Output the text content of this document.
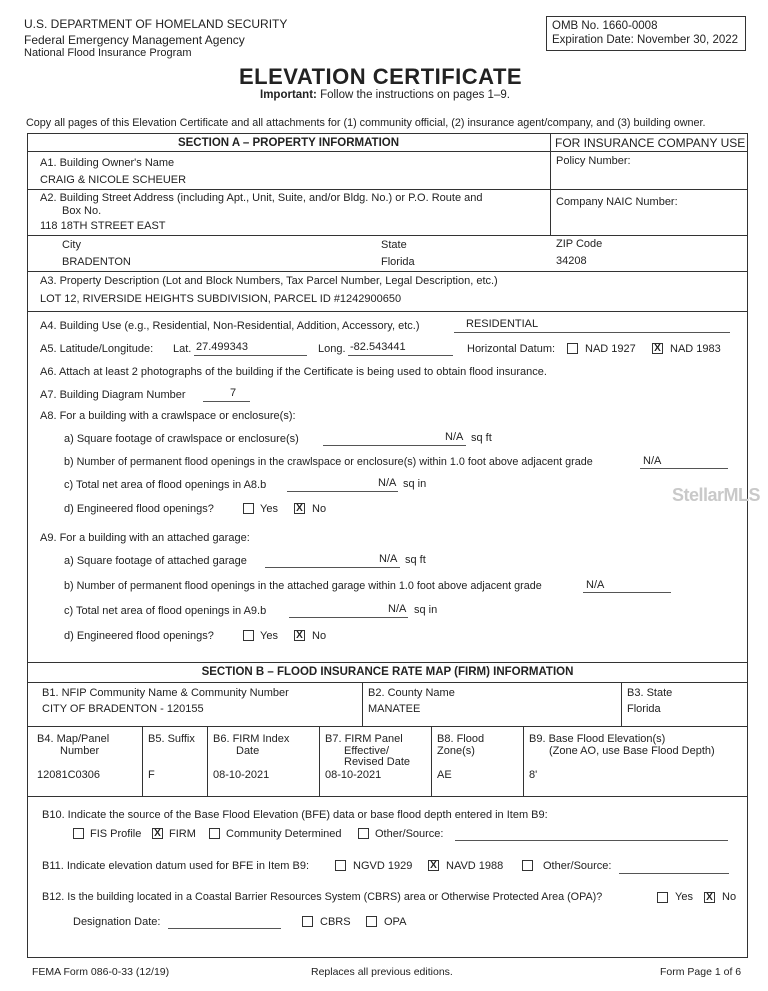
U.S. DEPARTMENT OF HOMELAND SECURITY
Federal Emergency Management Agency
National Flood Insurance Program
OMB No. 1660-0008
Expiration Date: November 30, 2022
ELEVATION CERTIFICATE
Important: Follow the instructions on pages 1–9.
Copy all pages of this Elevation Certificate and all attachments for (1) community official, (2) insurance agent/company, and (3) building owner.
SECTION A – PROPERTY INFORMATION	FOR INSURANCE COMPANY USE
A1. Building Owner's Name
CRAIG & NICOLE SCHEUER
Policy Number:
A2. Building Street Address (including Apt., Unit, Suite, and/or Bldg. No.) or P.O. Route and
Box No.
118 18TH STREET EAST
Company NAIC Number:
City
BRADENTON
State
Florida
ZIP Code
34208
A3. Property Description (Lot and Block Numbers, Tax Parcel Number, Legal Description, etc.)
LOT 12, RIVERSIDE HEIGHTS SUBDIVISION, PARCEL ID #1242900650
A4. Building Use (e.g., Residential, Non-Residential, Addition, Accessory, etc.)	RESIDENTIAL
A5. Latitude/Longitude: Lat. 27.499343	Long. -82.543441	Horizontal Datum:	NAD 1927 X NAD 1983
A6. Attach at least 2 photographs of the building if the Certificate is being used to obtain flood insurance.
A7. Building Diagram Number	7
A8. For a building with a crawlspace or enclosure(s):
a) Square footage of crawlspace or enclosure(s)	N/A sq ft
b) Number of permanent flood openings in the crawlspace or enclosure(s) within 1.0 foot above adjacent grade	N/A
c) Total net area of flood openings in A8.b	N/A sq in
d) Engineered flood openings?	Yes X No
A9. For a building with an attached garage:
a) Square footage of attached garage	N/A sq ft
b) Number of permanent flood openings in the attached garage within 1.0 foot above adjacent grade	N/A
c) Total net area of flood openings in A9.b	N/A sq in
d) Engineered flood openings?	Yes X No
StellarMLS
SECTION B – FLOOD INSURANCE RATE MAP (FIRM) INFORMATION
B1. NFIP Community Name & Community Number
CITY OF BRADENTON - 120155
B2. County Name
MANATEE
B3. State
Florida
B4. Map/Panel
Number
12081C0306
B5. Suffix
F
B6. FIRM Index
Date
08-10-2021
B7. FIRM Panel
Effective/
Revised Date
08-10-2021
B8. Flood
Zone(s)
AE
B9. Base Flood Elevation(s)
(Zone AO, use Base Flood Depth)
8'
B10. Indicate the source of the Base Flood Elevation (BFE) data or base flood depth entered in Item B9:
FIS Profile X FIRM	Community Determined	Other/Source:
B11. Indicate elevation datum used for BFE in Item B9:	NGVD 1929 X NAVD 1988	Other/Source:
B12. Is the building located in a Coastal Barrier Resources System (CBRS) area or Otherwise Protected Area (OPA)?	Yes X No
Designation Date:	CBRS	OPA
FEMA Form 086-0-33 (12/19)	Replaces all previous editions.	Form Page 1 of 6
